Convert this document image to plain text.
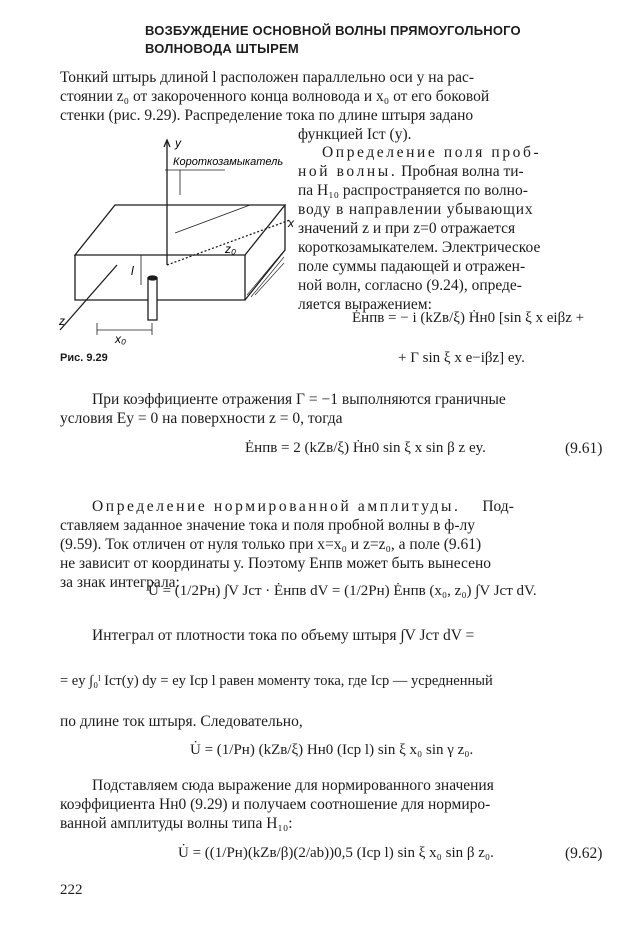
ВОЗБУЖДЕНИЕ ОСНОВНОЙ ВОЛНЫ ПРЯМОУГОЛЬНОГО
ВОЛНОВОДА ШТЫРЕМ
Тонкий штырь длиной l расположен параллельно оси y на рас-
стоянии z₀ от закороченного конца волновода и x₀ от его боковой
стенки (рис. 9.29). Распределение тока по длине штыря задано
функцией Iст (y).
Определение поля проб-
ной волны. Пробная волна ти-
па H₁₀ распространяется по волно-
воду в направлении убывающих
значений z и при z=0 отражается
короткозамыкателем. Электрическое
поле суммы падающей и отражен-
ной волн, согласно (9.24), опреде-
ляется выражением:
y
x
z
Короткозамыкатель
z₀
x₀
l
Рис. 9.29
Ėнпв = − i (kZв/ξ) Ḣн0 [sin ξ x eiβz +
+ Γ sin ξ x e−iβz] ey.
При коэффициенте отражения Γ = −1 выполняются граничные
условия Ey = 0 на поверхности z = 0, тогда
Ėнпв = 2 (kZв/ξ) Ḣн0 sin ξ x sin β z ey.	(9.61)
Определение нормированной амплитуды. Под-
ставляем заданное значение тока и поля пробной волны в ф-лу
(9.59). Ток отличен от нуля только при x=x₀ и z=z₀, а поле (9.61)
не зависит от координаты y. Поэтому Eнпв может быть вынесено
за знак интеграла:
U̇ = (1/2Pн) ∫V Jст · Ėнпв dV = (1/2Pн) Ėнпв (x₀, z₀) ∫V Jст dV.
Интеграл от плотности тока по объему штыря ∫V Jст dV =
= ey ∫₀ˡ Iст(y) dy = ey Iср l равен моменту тока, где Iср — усредненный
по длине ток штыря. Следовательно,
U̇ = (1/Pн) (kZв/ξ) Hн0 (Iср l) sin ξ x₀ sin γ z₀.
Подставляем сюда выражение для нормированного значения
коэффициента Hн0 (9.29) и получаем соотношение для нормиро-
ванной амплитуды волны типа H₁₀:
U̇ = ((1/Pн)(kZв/β)(2/ab))0,5 (Iср l) sin ξ x₀ sin β z₀.	(9.62)
222
